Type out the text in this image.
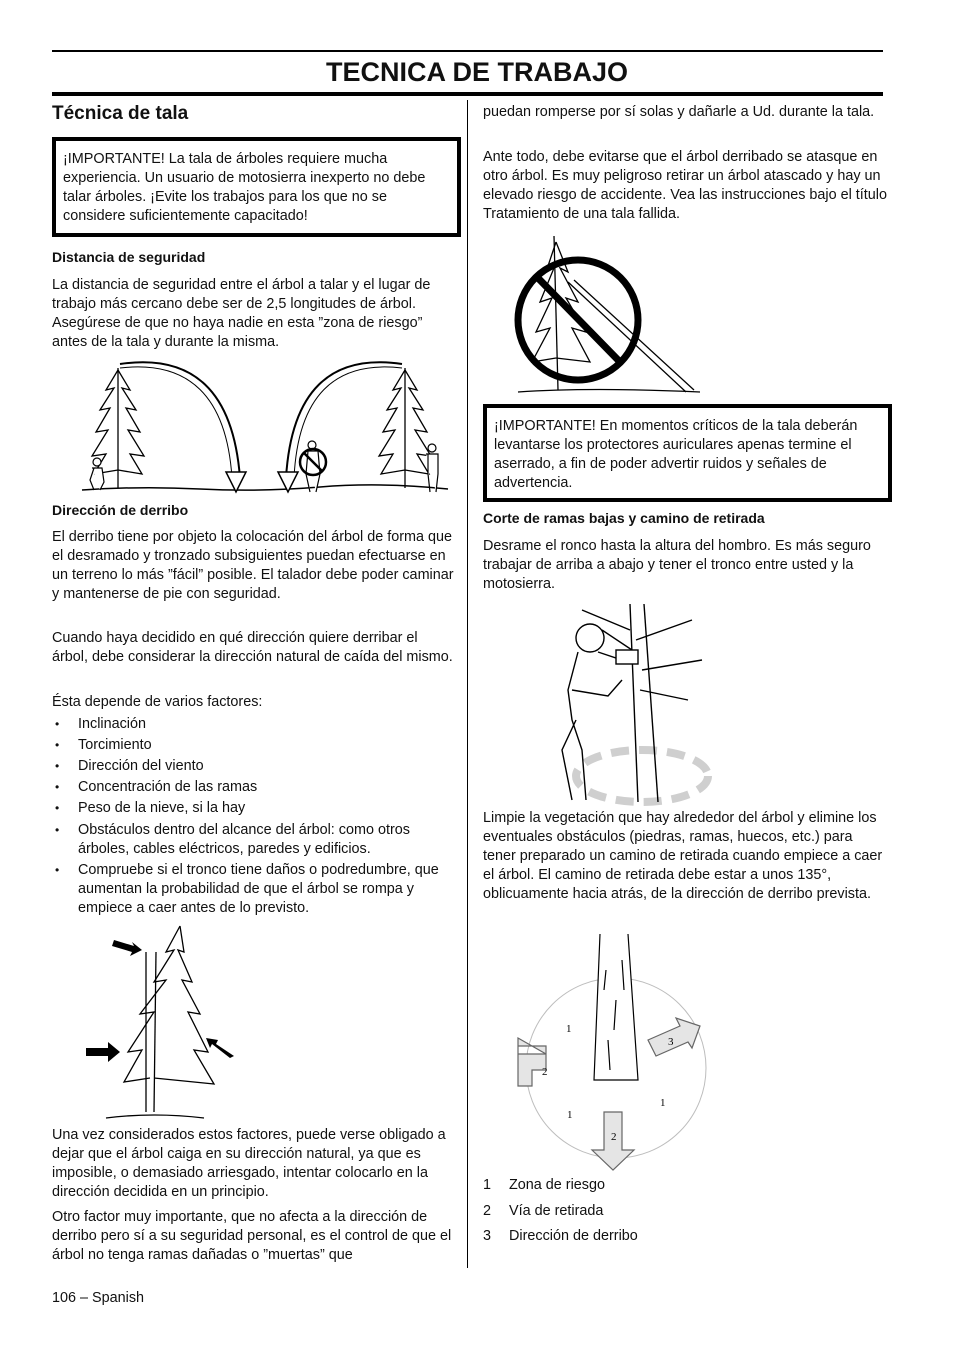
TECNICA DE TRABAJO
Técnica de tala
¡IMPORTANTE! La tala de árboles requiere mucha experiencia. Un usuario de motosierra inexperto no debe talar árboles. ¡Evite los trabajos para los que no se considere suficientemente capacitado!
Distancia de seguridad
La distancia de seguridad entre el árbol a talar y el lugar de trabajo más cercano debe ser de 2,5 longitudes de árbol. Asegúrese de que no haya nadie en esta ”zona de riesgo” antes de la tala y durante la misma.
Dirección de derribo
El derribo tiene por objeto la colocación del árbol de forma que el desramado y tronzado subsiguientes puedan efectuarse en un terreno lo más ”fácil” posible. El talador debe poder caminar y mantenerse de pie con seguridad.
Cuando haya decidido en qué dirección quiere derribar el árbol, debe considerar la dirección natural de caída del mismo.
Ésta depende de varios factores:
• Inclinación
• Torcimiento
• Dirección del viento
• Concentración de las ramas
• Peso de la nieve, si la hay
• Obstáculos dentro del alcance del árbol: como otros árboles, cables eléctricos, paredes y edificios.
• Compruebe si el tronco tiene daños o podredumbre, que aumentan la probabilidad de que el árbol se rompa y empiece a caer antes de lo previsto.
Una vez considerados estos factores, puede verse obligado a dejar que el árbol caiga en su dirección natural, ya que es imposible, o demasiado arriesgado, intentar colocarlo en la dirección decidida en un principio.
Otro factor muy importante, que no afecta a la dirección de derribo pero sí a su seguridad personal, es el control de que el árbol no tenga ramas dañadas o ”muertas” que
106 – Spanish
puedan romperse por sí solas y dañarle a Ud. durante la tala.
Ante todo, debe evitarse que el árbol derribado se atasque en otro árbol. Es muy peligroso retirar un árbol atascado y hay un elevado riesgo de accidente. Vea las instrucciones bajo el título Tratamiento de una tala fallida.
¡IMPORTANTE! En momentos críticos de la tala deberán levantarse los protectores auriculares apenas termine el aserrado, a fin de poder advertir ruidos y señales de advertencia.
Corte de ramas bajas y camino de retirada
Desrame el ronco hasta la altura del hombro. Es más seguro trabajar de arriba a abajo y tener el tronco entre usted y la motosierra.
Limpie la vegetación que hay alrededor del árbol y elimine los eventuales obstáculos (piedras, ramas, huecos, etc.) para tener preparado un camino de retirada cuando empiece a caer el árbol. El camino de retirada debe estar a unos 135°, oblicuamente hacia atrás, de la dirección de derribo prevista.
1
2
1
2
1
3
1 Zona de riesgo
2 Vía de retirada
3 Dirección de derribo
